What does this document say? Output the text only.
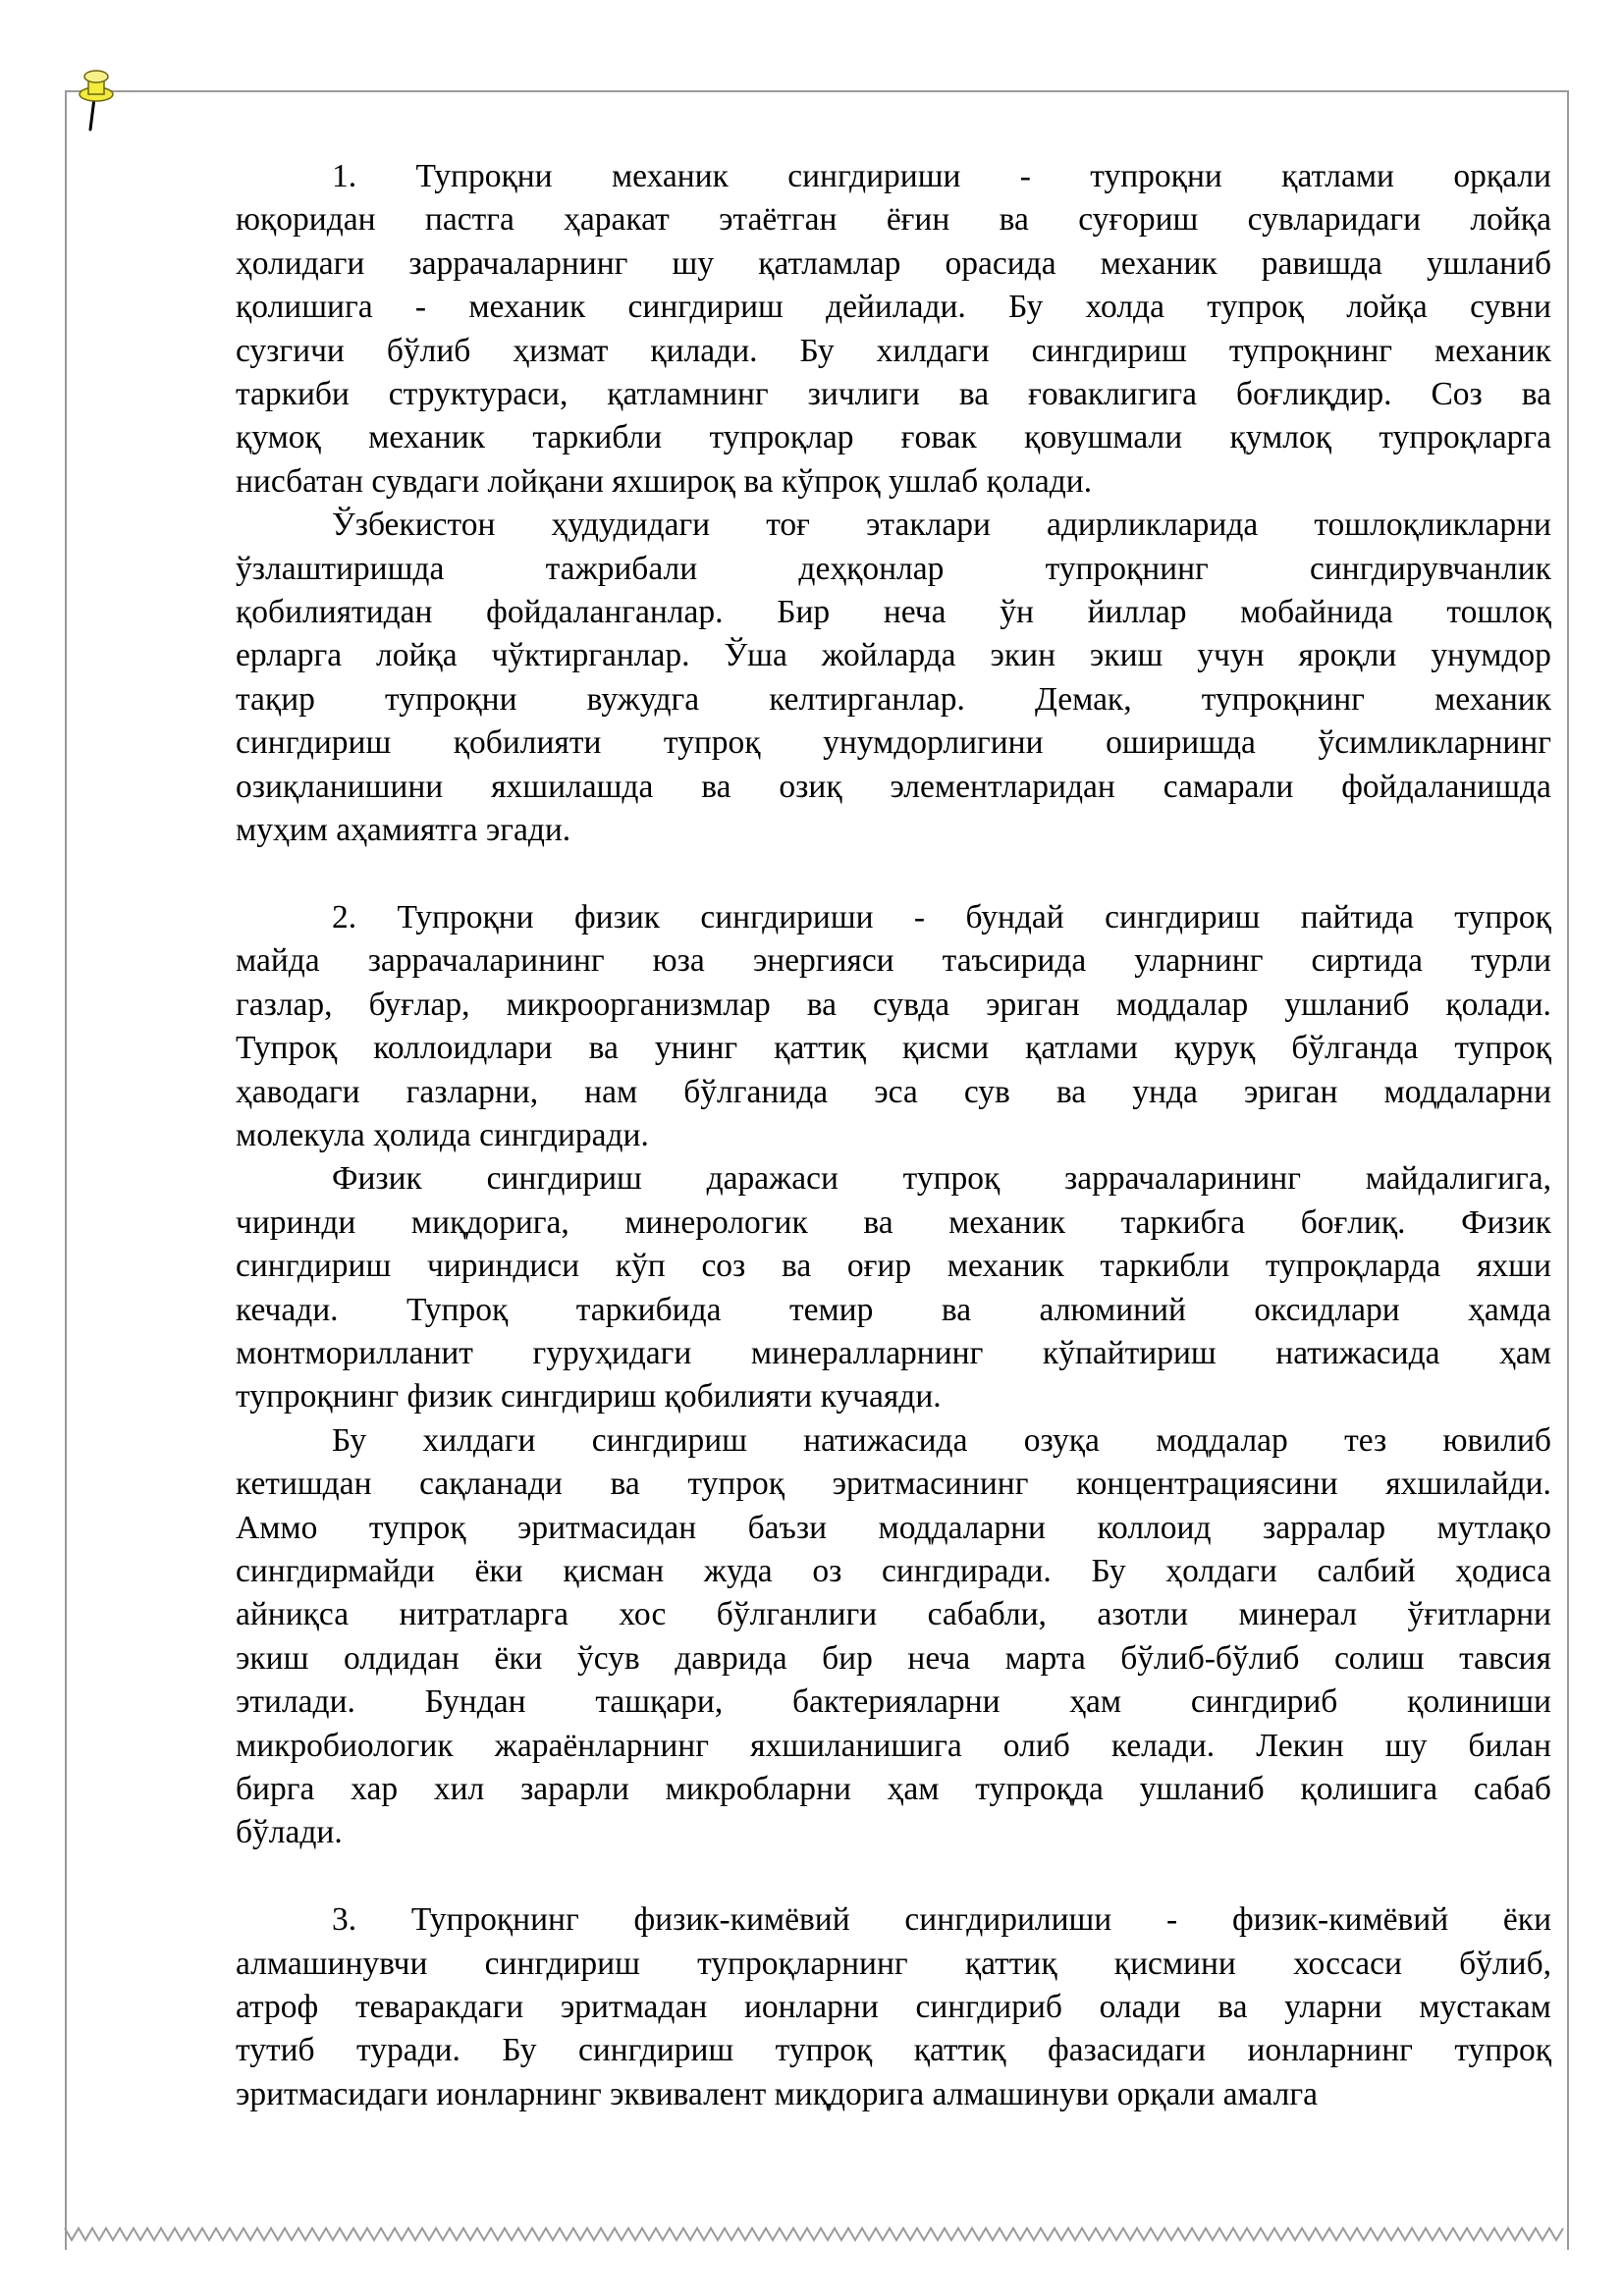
1. Тупроқни механик сингдириши - тупроқни қатлами орқали
юқоридан пастга ҳаракат этаётган ёғин ва суғориш сувларидаги лойқа
ҳолидаги заррачаларнинг шу қатламлар орасида механик равишда ушланиб
қолишига - механик сингдириш дейилади. Бу холда тупроқ лойқа сувни
сузгичи бўлиб ҳизмат қилади. Бу хилдаги сингдириш тупроқнинг механик
таркиби структураси, қатламнинг зичлиги ва ғоваклигига боғлиқдир. Соз ва
қумоқ механик таркибли тупроқлар ғовак қовушмали қумлоқ тупроқларга
нисбатан сувдаги лойқани яхшироқ ва кўпроқ ушлаб қолади.
Ўзбекистон ҳудудидаги тоғ этаклари адирликларида тошлоқликларни
ўзлаштиришда	тажрибали	деҳқонлар	тупроқнинг	сингдирувчанлик
қобилиятидан фойдаланганлар. Бир неча ўн йиллар мобайнида тошлоқ
ерларга лойқа чўктирганлар. Ўша жойларда экин экиш учун яроқли унумдор
тақир тупроқни вужудга келтирганлар. Демак, тупроқнинг механик
сингдириш қобилияти тупроқ унумдорлигини оширишда ўсимликларнинг
озиқланишини яхшилашда ва озиқ элементларидан самарали фойдаланишда
муҳим аҳамиятга эгади.
2. Тупроқни физик сингдириши - бундай сингдириш пайтида тупроқ
майда заррачаларининг юза энергияси таъсирида уларнинг сиртида турли
газлар, буғлар, микроорганизмлар ва сувда эриган моддалар ушланиб қолади.
Тупроқ коллоидлари ва унинг қаттиқ қисми қатлами қуруқ бўлганда тупроқ
ҳаводаги газларни, нам бўлганида эса сув ва унда эриган моддаларни
молекула ҳолида сингдиради.
Физик сингдириш даражаси тупроқ заррачаларининг майдалигига,
чиринди миқдорига, минерологик ва механик таркибга боғлиқ. Физик
сингдириш чириндиси кўп соз ва оғир механик таркибли тупроқларда яхши
кечади. Тупроқ таркибида темир ва алюминий оксидлари ҳамда
монтморилланит гуруҳидаги минералларнинг кўпайтириш натижасида ҳам
тупроқнинг физик сингдириш қобилияти кучаяди.
Бу хилдаги сингдириш натижасида озуқа моддалар тез ювилиб
кетишдан сақланади ва тупроқ эритмасининг концентрациясини яхшилайди.
Аммо тупроқ эритмасидан баъзи моддаларни коллоид зарралар мутлақо
сингдирмайди ёки қисман жуда оз сингдиради. Бу ҳолдаги салбий ҳодиса
айниқса нитратларга хос бўлганлиги сабабли, азотли минерал ўғитларни
экиш олдидан ёки ўсув даврида бир неча марта бўлиб-бўлиб солиш тавсия
этилади. Бундан ташқари, бактерияларни ҳам сингдириб қолиниши
микробиологик жараёнларнинг яхшиланишига олиб келади. Лекин шу билан
бирга хар хил зарарли микробларни ҳам тупроқда ушланиб қолишига сабаб
бўлади.
3. Тупроқнинг физик-кимёвий сингдирилиши - физик-кимёвий ёки
алмашинувчи сингдириш тупроқларнинг қаттиқ қисмини хоссаси бўлиб,
атроф теваракдаги эритмадан ионларни сингдириб олади ва уларни мустакам
тутиб туради. Бу сингдириш тупроқ қаттиқ фазасидаги ионларнинг тупроқ
эритмасидаги ионларнинг эквивалент миқдорига алмашинуви орқали амалга
